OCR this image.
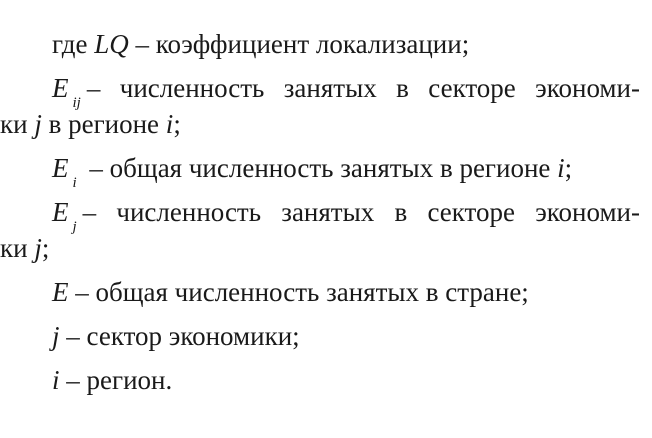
где LQ – коэффициент локализации;
E $_{ij}$ – численность занятых в секторе экономи-
ки j в регионе i;
E $_i$ – общая численность занятых в регионе i;
E $_j$ – численность занятых в секторе экономи-
ки j;
E – общая численность занятых в стране;
j – сектор экономики;
i – регион.
